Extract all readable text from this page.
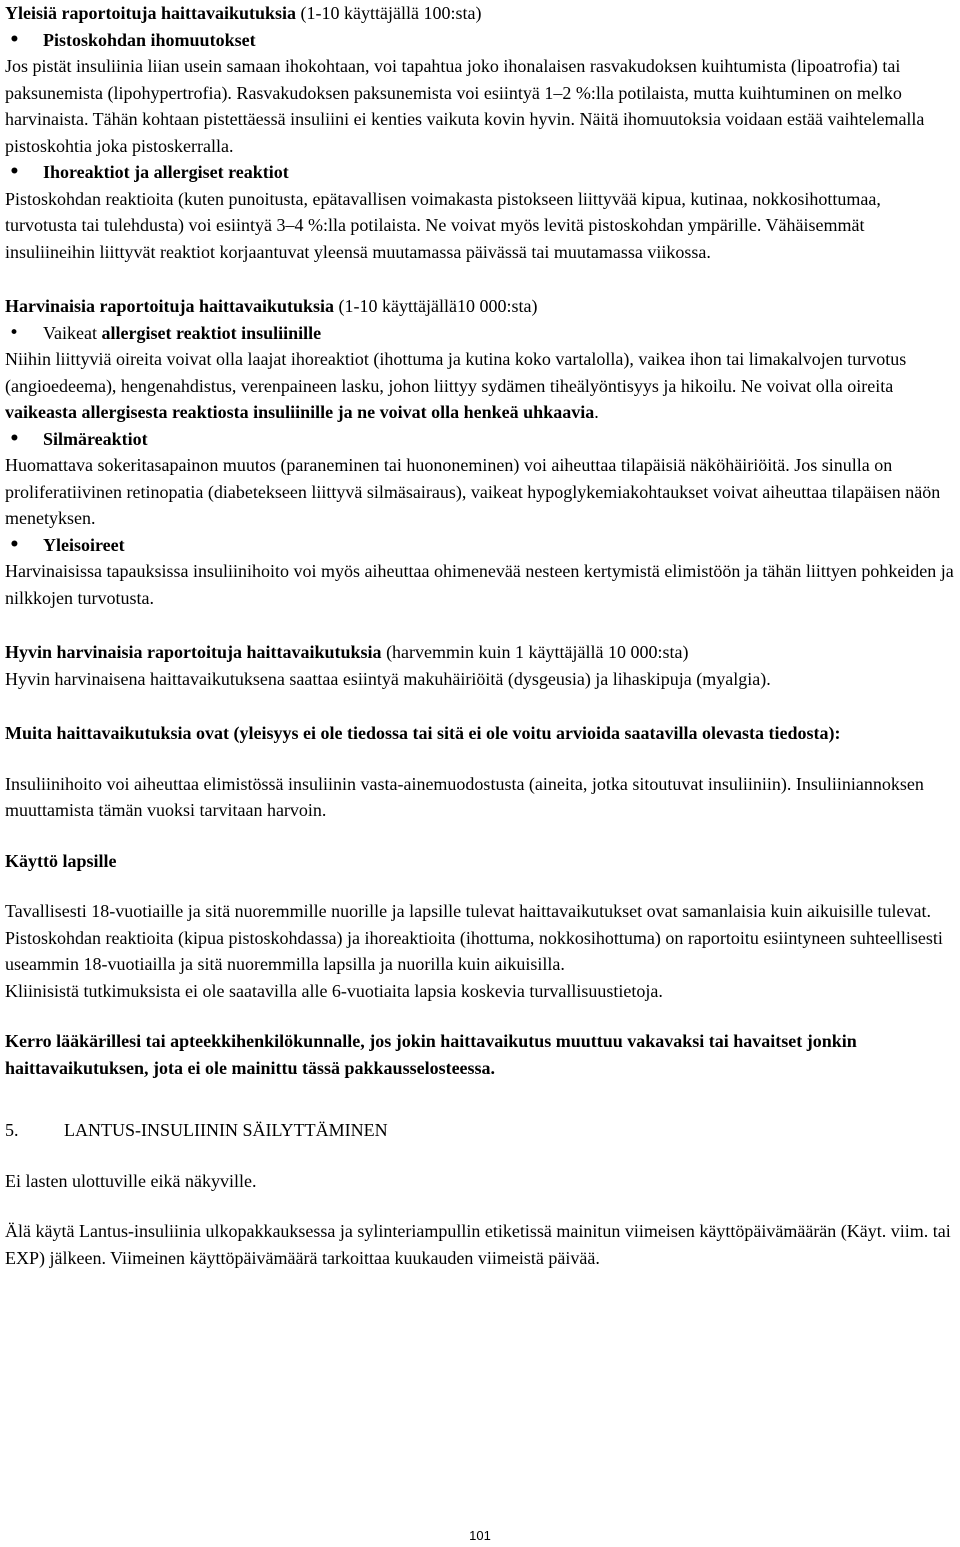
Yleisiä raportoituja haittavaikutuksia (1-10 käyttäjällä 100:sta)

• Pistoskohdan ihomuutokset

Jos pistät insuliinia liian usein samaan ihokohtaan, voi tapahtua joko ihonalaisen rasvakudoksen kuihtumista (lipoatrofia) tai paksunemista (lipohypertrofia). Rasvakudoksen paksunemista voi esiintyä 1–2 %:lla potilaista, mutta kuihtuminen on melko harvinaista. Tähän kohtaan pistettäessä insuliini ei kenties vaikuta kovin hyvin. Näitä ihomuutoksia voidaan estää vaihtelemalla pistoskohtia joka pistoskerralla.

• Ihoreaktiot ja allergiset reaktiot

Pistoskohdan reaktioita (kuten punoitusta, epätavallisen voimakasta pistokseen liittyvää kipua, kutinaa, nokkosihottumaa, turvotusta tai tulehdusta) voi esiintyä 3–4 %:lla potilaista. Ne voivat myös levitä pistoskohdan ympärille. Vähäisemmät insuliineihin liittyvät reaktiot korjaantuvat yleensä muutamassa päivässä tai muutamassa viikossa.

Harvinaisia raportoituja haittavaikutuksia (1-10 käyttäjällä10 000:sta)

• Vaikeat allergiset reaktiot insuliinille

Niihin liittyviä oireita voivat olla laajat ihoreaktiot (ihottuma ja kutina koko vartalolla), vaikea ihon tai limakalvojen turvotus (angioedeema), hengenahdistus, verenpaineen lasku, johon liittyy sydämen tiheälyöntisyys ja hikoilu. Ne voivat olla oireita vaikeasta allergisesta reaktiosta insuliinille ja ne voivat olla henkeä uhkaavia.

• Silmäreaktiot

Huomattava sokeritasapainon muutos (paraneminen tai huononeminen) voi aiheuttaa tilapäisiä näköhäiriöitä. Jos sinulla on proliferatiivinen retinopatia (diabetekseen liittyvä silmäsairaus), vaikeat hypoglykemiakohtaukset voivat aiheuttaa tilapäisen näön menetyksen.

• Yleisoireet

Harvinaisissa tapauksissa insuliinihoito voi myös aiheuttaa ohimenevää nesteen kertymistä elimistöön ja tähän liittyen pohkeiden ja nilkkojen turvotusta.

Hyvin harvinaisia raportoituja haittavaikutuksia (harvemmin kuin 1 käyttäjällä 10 000:sta)

Hyvin harvinaisena haittavaikutuksena saattaa esiintyä makuhäiriöitä (dysgeusia) ja lihaskipuja (myalgia).

Muita haittavaikutuksia ovat (yleisyys ei ole tiedossa tai sitä ei ole voitu arvioida saatavilla olevasta tiedosta):

Insuliinihoito voi aiheuttaa elimistössä insuliinin vasta-ainemuodostusta (aineita, jotka sitoutuvat insuliiniin). Insuliiniannoksen muuttamista tämän vuoksi tarvitaan harvoin.

Käyttö lapsille

Tavallisesti 18-vuotiaille ja sitä nuoremmille nuorille ja lapsille tulevat haittavaikutukset ovat samanlaisia kuin aikuisille tulevat. Pistoskohdan reaktioita (kipua pistoskohdassa) ja ihoreaktioita (ihottuma, nokkosihottuma) on raportoitu esiintyneen suhteellisesti useammin 18-vuotiailla ja sitä nuoremmilla lapsilla ja nuorilla kuin aikuisilla.

Kliinisistä tutkimuksista ei ole saatavilla alle 6-vuotiaita lapsia koskevia turvallisuustietoja.

Kerro lääkärillesi tai apteekkihenkilökunnalle, jos jokin haittavaikutus muuttuu vakavaksi tai havaitset jonkin haittavaikutuksen, jota ei ole mainittu tässä pakkausselosteessa.

5.	LANTUS-INSULIININ SÄILYTTÄMINEN

Ei lasten ulottuville eikä näkyville.

Älä käytä Lantus-insuliinia ulkopakkauksessa ja sylinteriampullin etiketissä mainitun viimeisen käyttöpäivämäärän (Käyt. viim. tai EXP) jälkeen. Viimeinen käyttöpäivämäärä tarkoittaa kuukauden viimeistä päivää.

101
